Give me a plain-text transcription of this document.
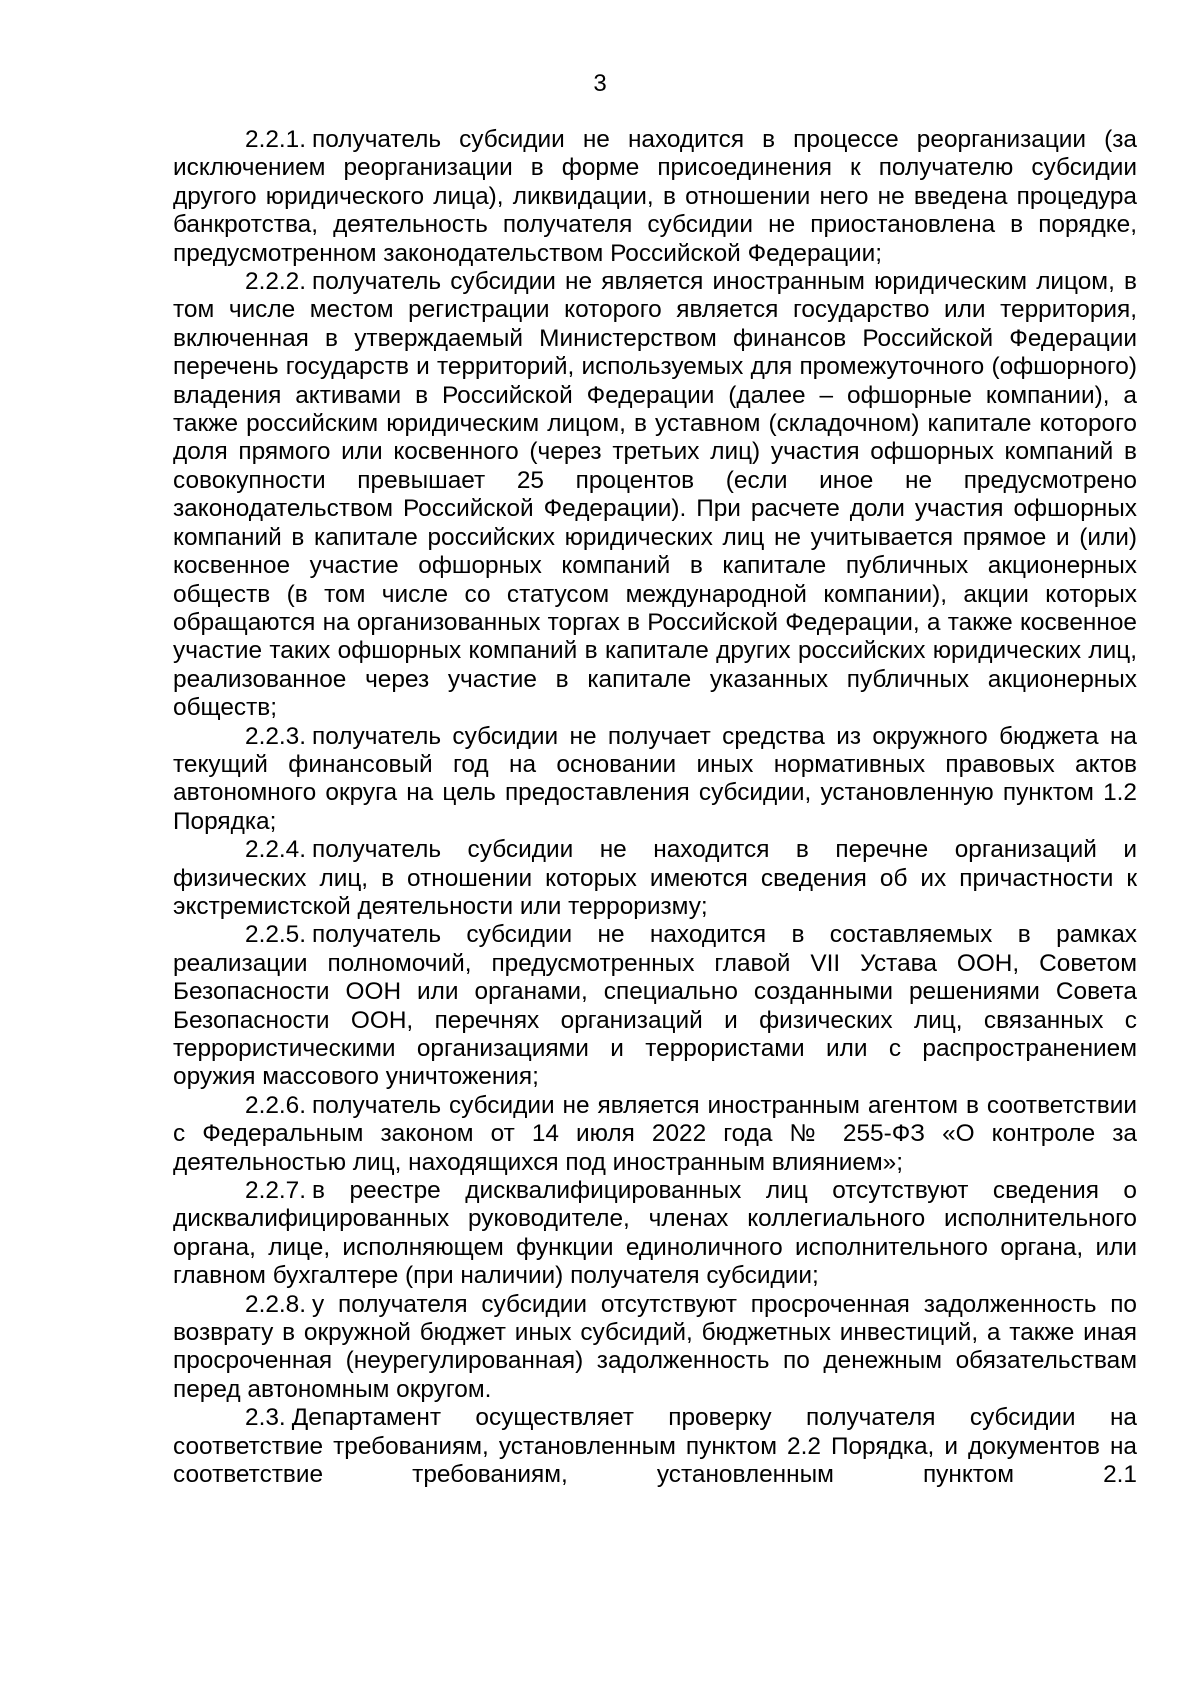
3

2.2.1. получатель субсидии не находится в процессе реорганизации (за исключением реорганизации в форме присоединения к получателю субсидии другого юридического лица), ликвидации, в отношении него не введена процедура банкротства, деятельность получателя субсидии не приостановлена в порядке, предусмотренном законодательством Российской Федерации;

2.2.2. получатель субсидии не является иностранным юридическим лицом, в том числе местом регистрации которого является государство или территория, включенная в утверждаемый Министерством финансов Российской Федерации перечень государств и территорий, используемых для промежуточного (офшорного) владения активами в Российской Федерации (далее – офшорные компании), а также российским юридическим лицом, в уставном (складочном) капитале которого доля прямого или косвенного (через третьих лиц) участия офшорных компаний в совокупности превышает 25 процентов (если иное не предусмотрено законодательством Российской Федерации). При расчете доли участия офшорных компаний в капитале российских юридических лиц не учитывается прямое и (или) косвенное участие офшорных компаний в капитале публичных акционерных обществ (в том числе со статусом международной компании), акции которых обращаются на организованных торгах в Российской Федерации, а также косвенное участие таких офшорных компаний в капитале других российских юридических лиц, реализованное через участие в капитале указанных публичных акционерных обществ;

2.2.3. получатель субсидии не получает средства из окружного бюджета на текущий финансовый год на основании иных нормативных правовых актов автономного округа на цель предоставления субсидии, установленную пунктом 1.2 Порядка;

2.2.4. получатель субсидии не находится в перечне организаций и физических лиц, в отношении которых имеются сведения об их причастности к экстремистской деятельности или терроризму;

2.2.5. получатель субсидии не находится в составляемых в рамках реализации полномочий, предусмотренных главой VII Устава ООН, Советом Безопасности ООН или органами, специально созданными решениями Совета Безопасности ООН, перечнях организаций и физических лиц, связанных с террористическими организациями и террористами или с распространением оружия массового уничтожения;

2.2.6. получатель субсидии не является иностранным агентом в соответствии с Федеральным законом от 14 июля 2022 года № 255-ФЗ «О контроле за деятельностью лиц, находящихся под иностранным влиянием»;

2.2.7. в реестре дисквалифицированных лиц отсутствуют сведения о дисквалифицированных руководителе, членах коллегиального исполнительного органа, лице, исполняющем функции единоличного исполнительного органа, или главном бухгалтере (при наличии) получателя субсидии;

2.2.8. у получателя субсидии отсутствуют просроченная задолженность по возврату в окружной бюджет иных субсидий, бюджетных инвестиций, а также иная просроченная (неурегулированная) задолженность по денежным обязательствам перед автономным округом.

2.3. Департамент осуществляет проверку получателя субсидии на соответствие требованиям, установленным пунктом 2.2 Порядка, и документов на соответствие требованиям, установленным пунктом 2.1
